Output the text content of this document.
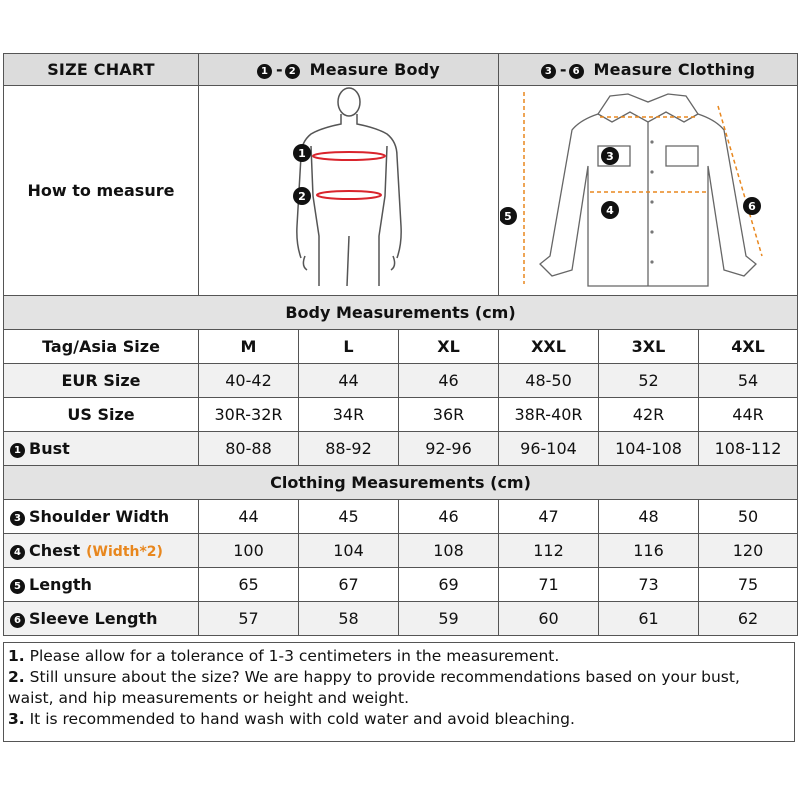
SIZE CHART	1 - 2 Measure Body			3 - 6 Measure Clothing		
How to measure	1
2			3
4
5
6		

Body Measurements (cm)						
Tag/Asia Size	M	L	XL	XXL	3XL	4XL
EUR Size	40-42	44	46	48-50	52	54
US Size	30R-32R	34R	36R	38R-40R	42R	44R
1 Bust	80-88	88-92	92-96	96-104	104-108	108-112
Clothing Measurements (cm)						
3 Shoulder Width	44	45	46	47	48	50
4 Chest (Width*2)	100	104	108	112	116	120
5 Length	65	67	69	71	73	75
6 Sleeve Length	57	58	59	60	61	62

1. Please allow for a tolerance of 1-3 centimeters in the measurement.

2. Still unsure about the size? We are happy to provide recommendations based on your bust, waist, and hip measurements or height and weight.

3. It is recommended to hand wash with cold water and avoid bleaching.
